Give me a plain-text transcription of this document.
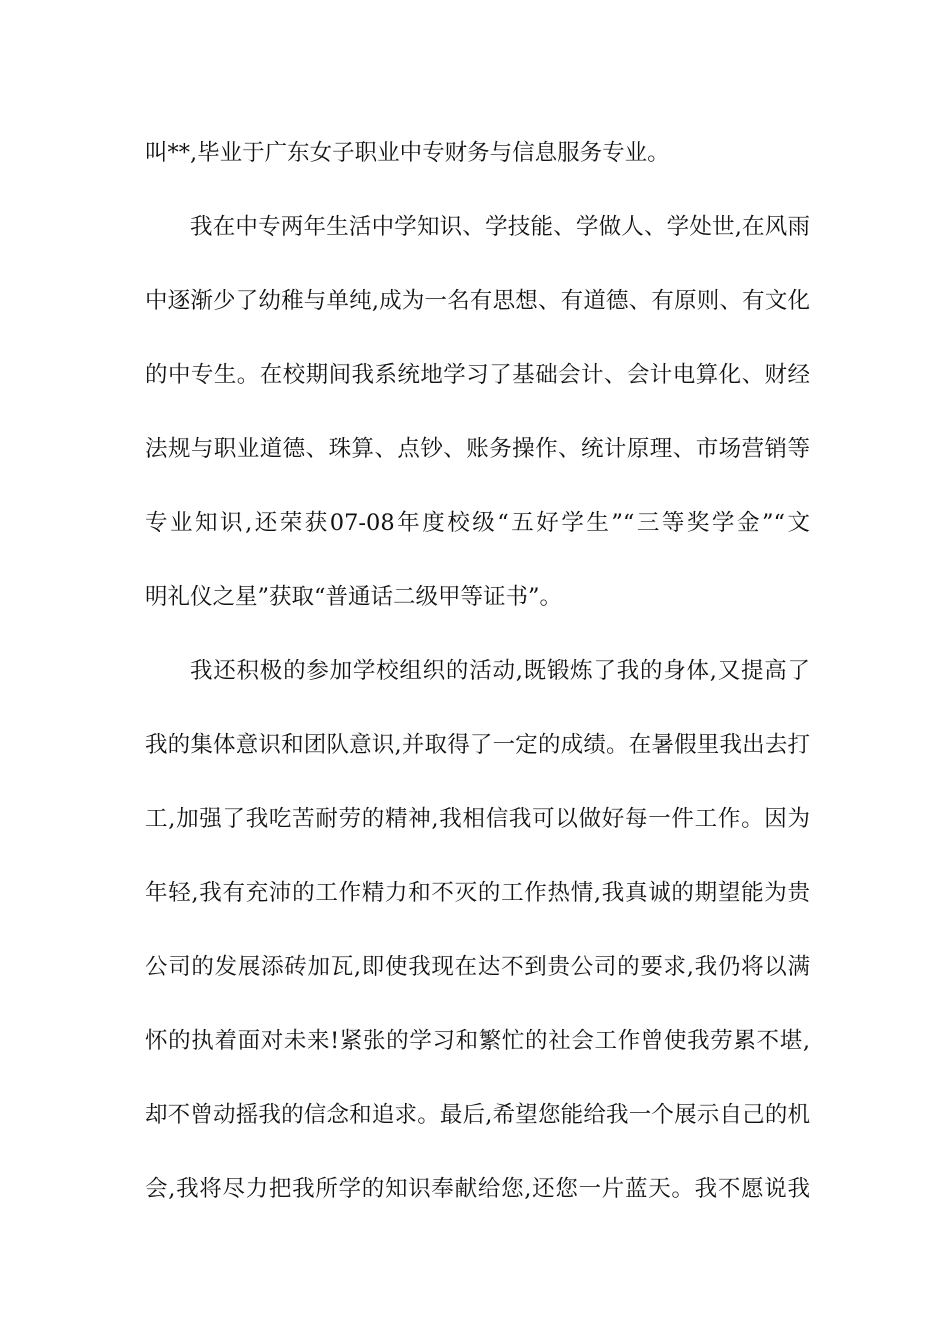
叫**,毕业于广东女子职业中专财务与信息服务专业。
我在中专两年生活中学知识、学技能、学做人、学处世,在风雨
中逐渐少了幼稚与单纯,成为一名有思想、有道德、有原则、有文化
的中专生。在校期间我系统地学习了基础会计、会计电算化、财经
法规与职业道德、珠算、点钞、账务操作、统计原理、市场营销等
专业知识,还荣获07-08年度校级“五好学生”“三等奖学金”“文
明礼仪之星”获取“普通话二级甲等证书”。
我还积极的参加学校组织的活动,既锻炼了我的身体,又提高了
我的集体意识和团队意识,并取得了一定的成绩。在暑假里我出去打
工,加强了我吃苦耐劳的精神,我相信我可以做好每一件工作。因为
年轻,我有充沛的工作精力和不灭的工作热情,我真诚的期望能为贵
公司的发展添砖加瓦,即使我现在达不到贵公司的要求,我仍将以满
怀的执着面对未来!紧张的学习和繁忙的社会工作曾使我劳累不堪,
却不曾动摇我的信念和追求。最后,希望您能给我一个展示自己的机
会,我将尽力把我所学的知识奉献给您,还您一片蓝天。我不愿说我
